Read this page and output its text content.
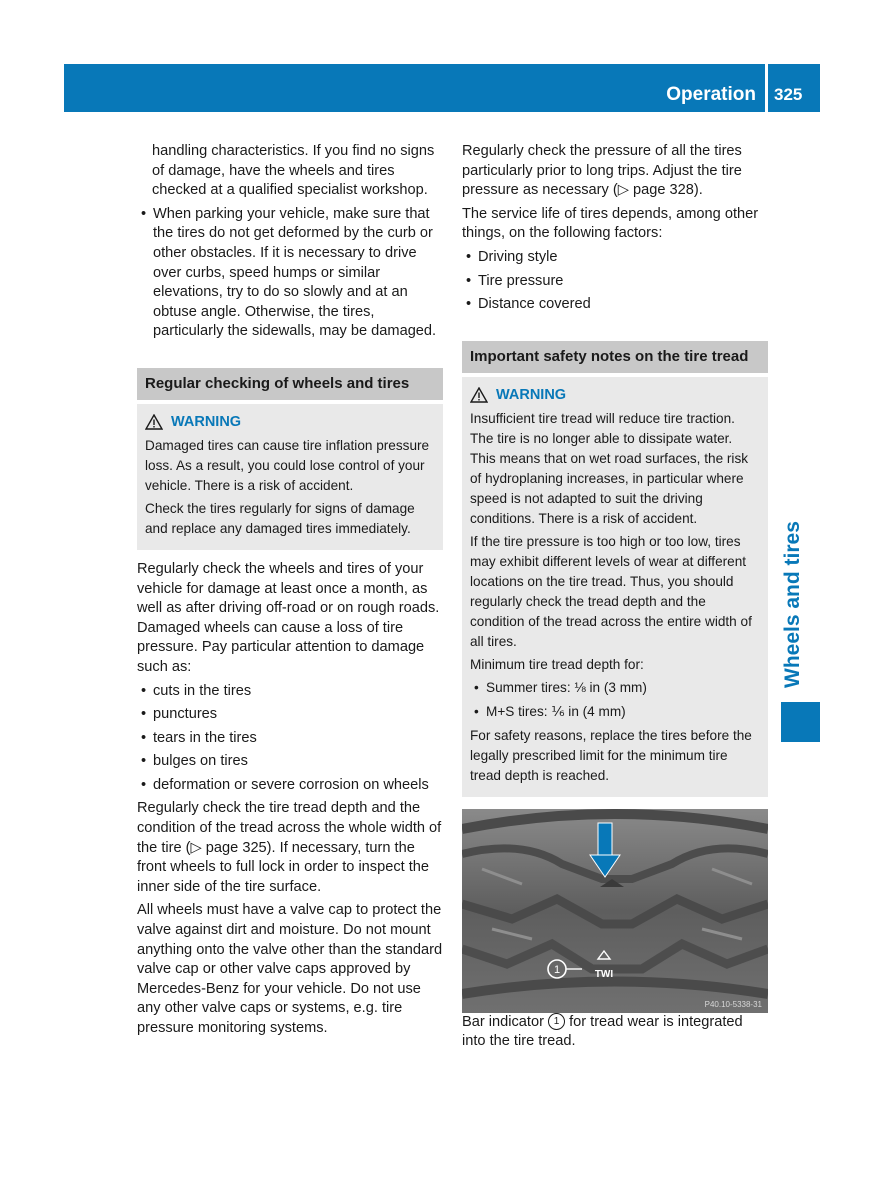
Operation 325
Wheels and tires

handling characteristics. If you find no signs of damage, have the wheels and tires checked at a qualified specialist workshop.

• When parking your vehicle, make sure that the tires do not get deformed by the curb or other obstacles. If it is necessary to drive over curbs, speed humps or similar elevations, try to do so slowly and at an obtuse angle. Otherwise, the tires, particularly the sidewalls, may be damaged.
Regular checking of wheels and tires
WARNING

Damaged tires can cause tire inflation pressure loss. As a result, you could lose control of your vehicle. There is a risk of accident.

Check the tires regularly for signs of damage and replace any damaged tires immediately.

Regularly check the wheels and tires of your vehicle for damage at least once a month, as well as after driving off-road or on rough roads. Damaged wheels can cause a loss of tire pressure. Pay particular attention to damage such as:

• cuts in the tires
• punctures
• tears in the tires
• bulges on tires
• deformation or severe corrosion on wheels

Regularly check the tire tread depth and the condition of the tread across the whole width of the tire (▷ page 325). If necessary, turn the front wheels to full lock in order to inspect the inner side of the tire surface.

All wheels must have a valve cap to protect the valve against dirt and moisture. Do not mount anything onto the valve other than the standard valve cap or other valve caps approved by Mercedes-Benz for your vehicle. Do not use any other valve caps or systems, e.g. tire pressure monitoring systems.

Regularly check the pressure of all the tires particularly prior to long trips. Adjust the tire pressure as necessary (▷ page 328).

The service life of tires depends, among other things, on the following factors:

• Driving style
• Tire pressure
• Distance covered
Important safety notes on the tire tread
WARNING

Insufficient tire tread will reduce tire traction. The tire is no longer able to dissipate water. This means that on wet road surfaces, the risk of hydroplaning increases, in particular where speed is not adapted to suit the driving conditions. There is a risk of accident.

If the tire pressure is too high or too low, tires may exhibit different levels of wear at different locations on the tire tread. Thus, you should regularly check the tread depth and the condition of the tread across the entire width of all tires.

Minimum tire tread depth for:

• Summer tires: ⅛ in (3 mm)
• M+S tires: ⅙ in (4 mm)

For safety reasons, replace the tires before the legally prescribed limit for the minimum tire tread depth is reached.

1	TWI
P40.10-5338-31

Bar indicator 1 for tread wear is integrated into the tire tread.
